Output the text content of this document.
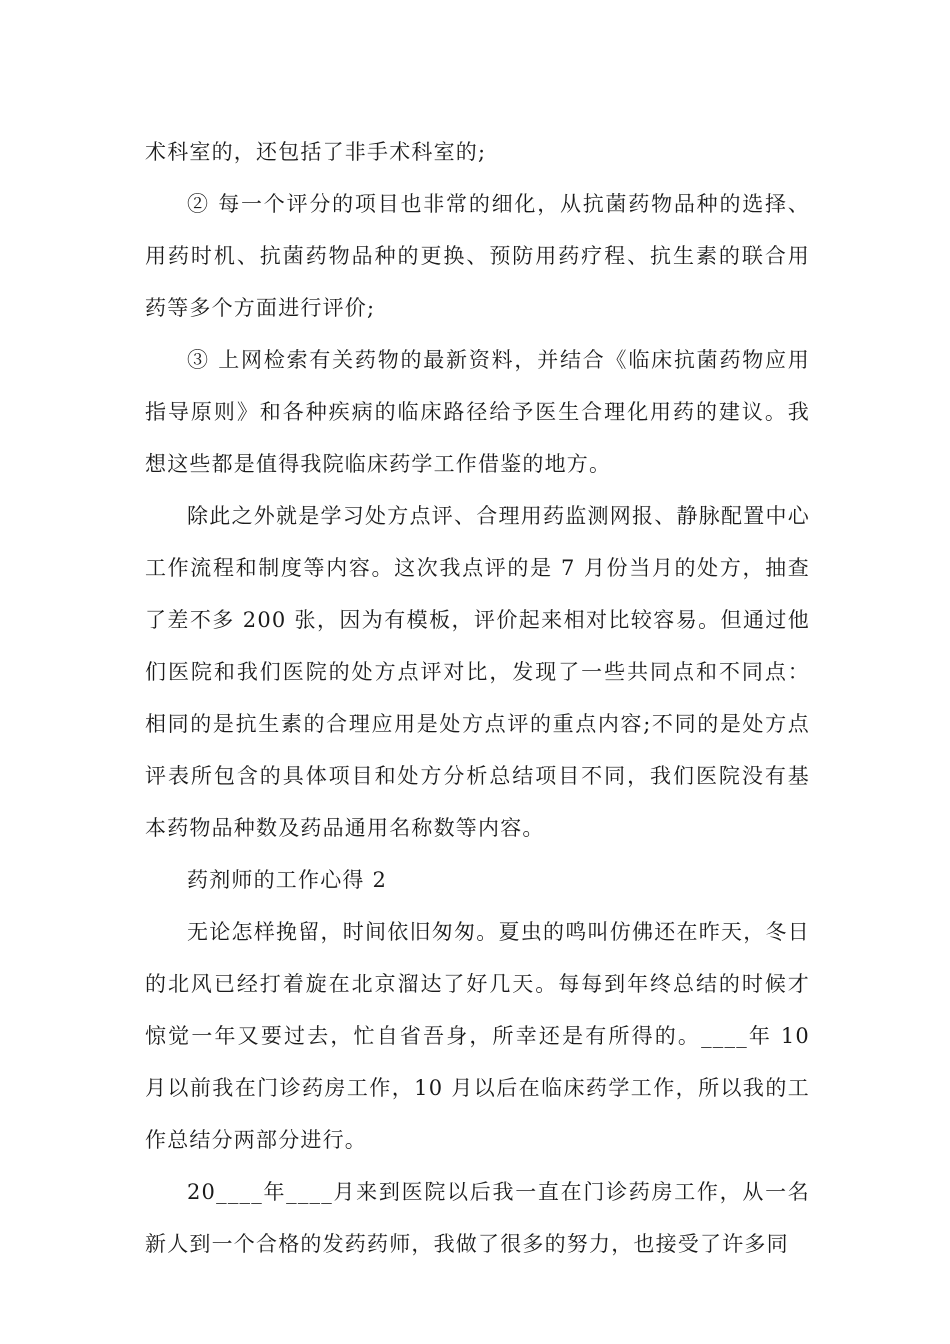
术科室的，还包括了非手术科室的;

② 每一个评分的项目也非常的细化，从抗菌药物品种的选择、用药时机、抗菌药物品种的更换、预防用药疗程、抗生素的联合用药等多个方面进行评价;

③ 上网检索有关药物的最新资料，并结合《临床抗菌药物应用指导原则》和各种疾病的临床路径给予医生合理化用药的建议。我想这些都是值得我院临床药学工作借鉴的地方。

除此之外就是学习处方点评、合理用药监测网报、静脉配置中心工作流程和制度等内容。这次我点评的是 7 月份当月的处方，抽查了差不多 200 张，因为有模板，评价起来相对比较容易。但通过他们医院和我们医院的处方点评对比，发现了一些共同点和不同点：相同的是抗生素的合理应用是处方点评的重点内容;不同的是处方点评表所包含的具体项目和处方分析总结项目不同，我们医院没有基本药物品种数及药品通用名称数等内容。

药剂师的工作心得 2

无论怎样挽留，时间依旧匆匆。夏虫的鸣叫仿佛还在昨天，冬日的北风已经打着旋在北京溜达了好几天。每每到年终总结的时候才惊觉一年又要过去，忙自省吾身，所幸还是有所得的。____年 10 月以前我在门诊药房工作，10 月以后在临床药学工作，所以我的工作总结分两部分进行。

20____年____月来到医院以后我一直在门诊药房工作，从一名新人到一个合格的发药药师，我做了很多的努力，也接受了许多同
